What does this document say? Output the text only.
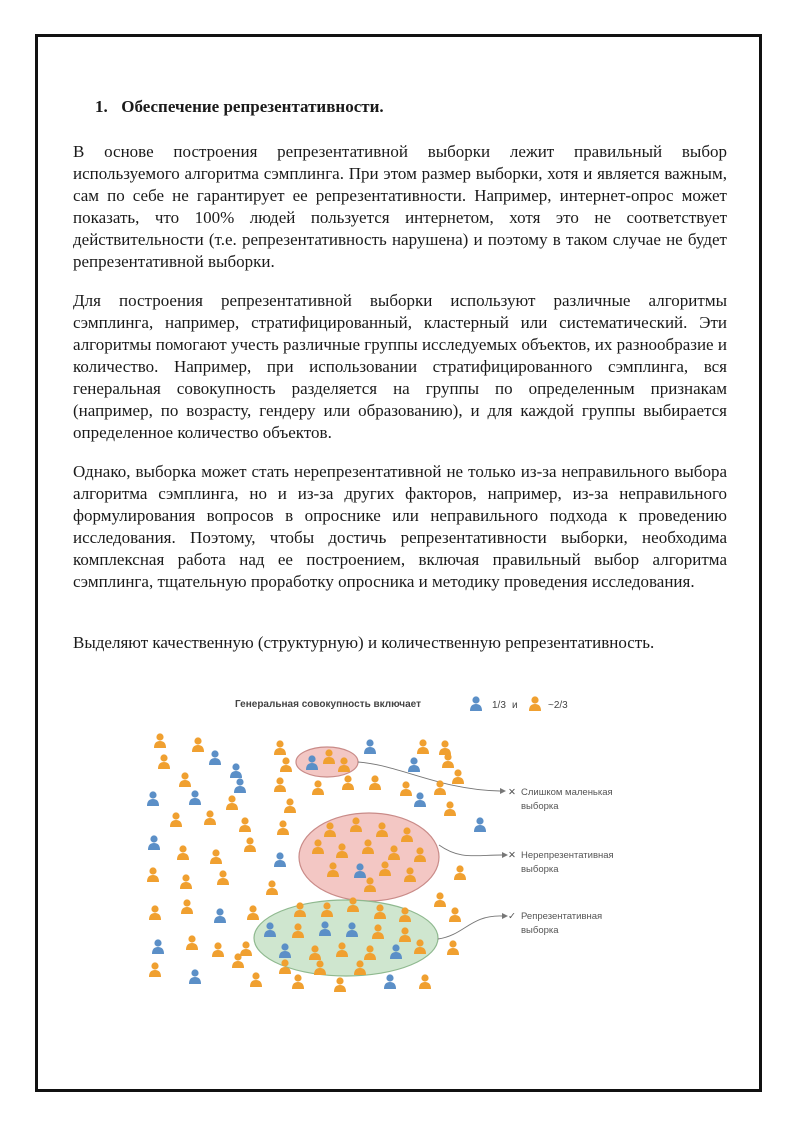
1. Обеспечение репрезентативности.

В основе построения репрезентативной выборки лежит правильный выбор используемого алгоритма сэмплинга. При этом размер выборки, хотя и является важным, сам по себе не гарантирует ее репрезентативности. Например, интернет-опрос может показать, что 100% людей пользуется интернетом, хотя это не соответствует действительности (т.е. репрезентативность нарушена) и поэтому в таком случае не будет репрезентативной выборки.

Для построения репрезентативной выборки используют различные алгоритмы сэмплинга, например, стратифицированный, кластерный или систематический. Эти алгоритмы помогают учесть различные группы исследуемых объектов, их разнообразие и количество. Например, при использовании стратифицированного сэмплинга, вся генеральная совокупность разделяется на группы по определенным признакам (например, по возрасту, гендеру или образованию), и для каждой группы выбирается определенное количество объектов.

Однако, выборка может стать нерепрезентативной не только из-за неправильного выбора алгоритма сэмплинга, но и из-за других факторов, например, из-за неправильного формулирования вопросов в опроснике или неправильного подхода к проведению исследования. Поэтому, чтобы достичь репрезентативности выборки, необходима комплексная работа над ее построением, включая правильный выбор алгоритма сэмплинга, тщательную проработку опросника и методику проведения исследования.

Выделяют качественную (структурную) и количественную репрезентативность.

Генеральная совокупность включает	1/3 и	~2/3
✕ Слишком маленькая
выборка
✕ Нерепрезентативная
выборка
✓ Репрезентативная
выборка
